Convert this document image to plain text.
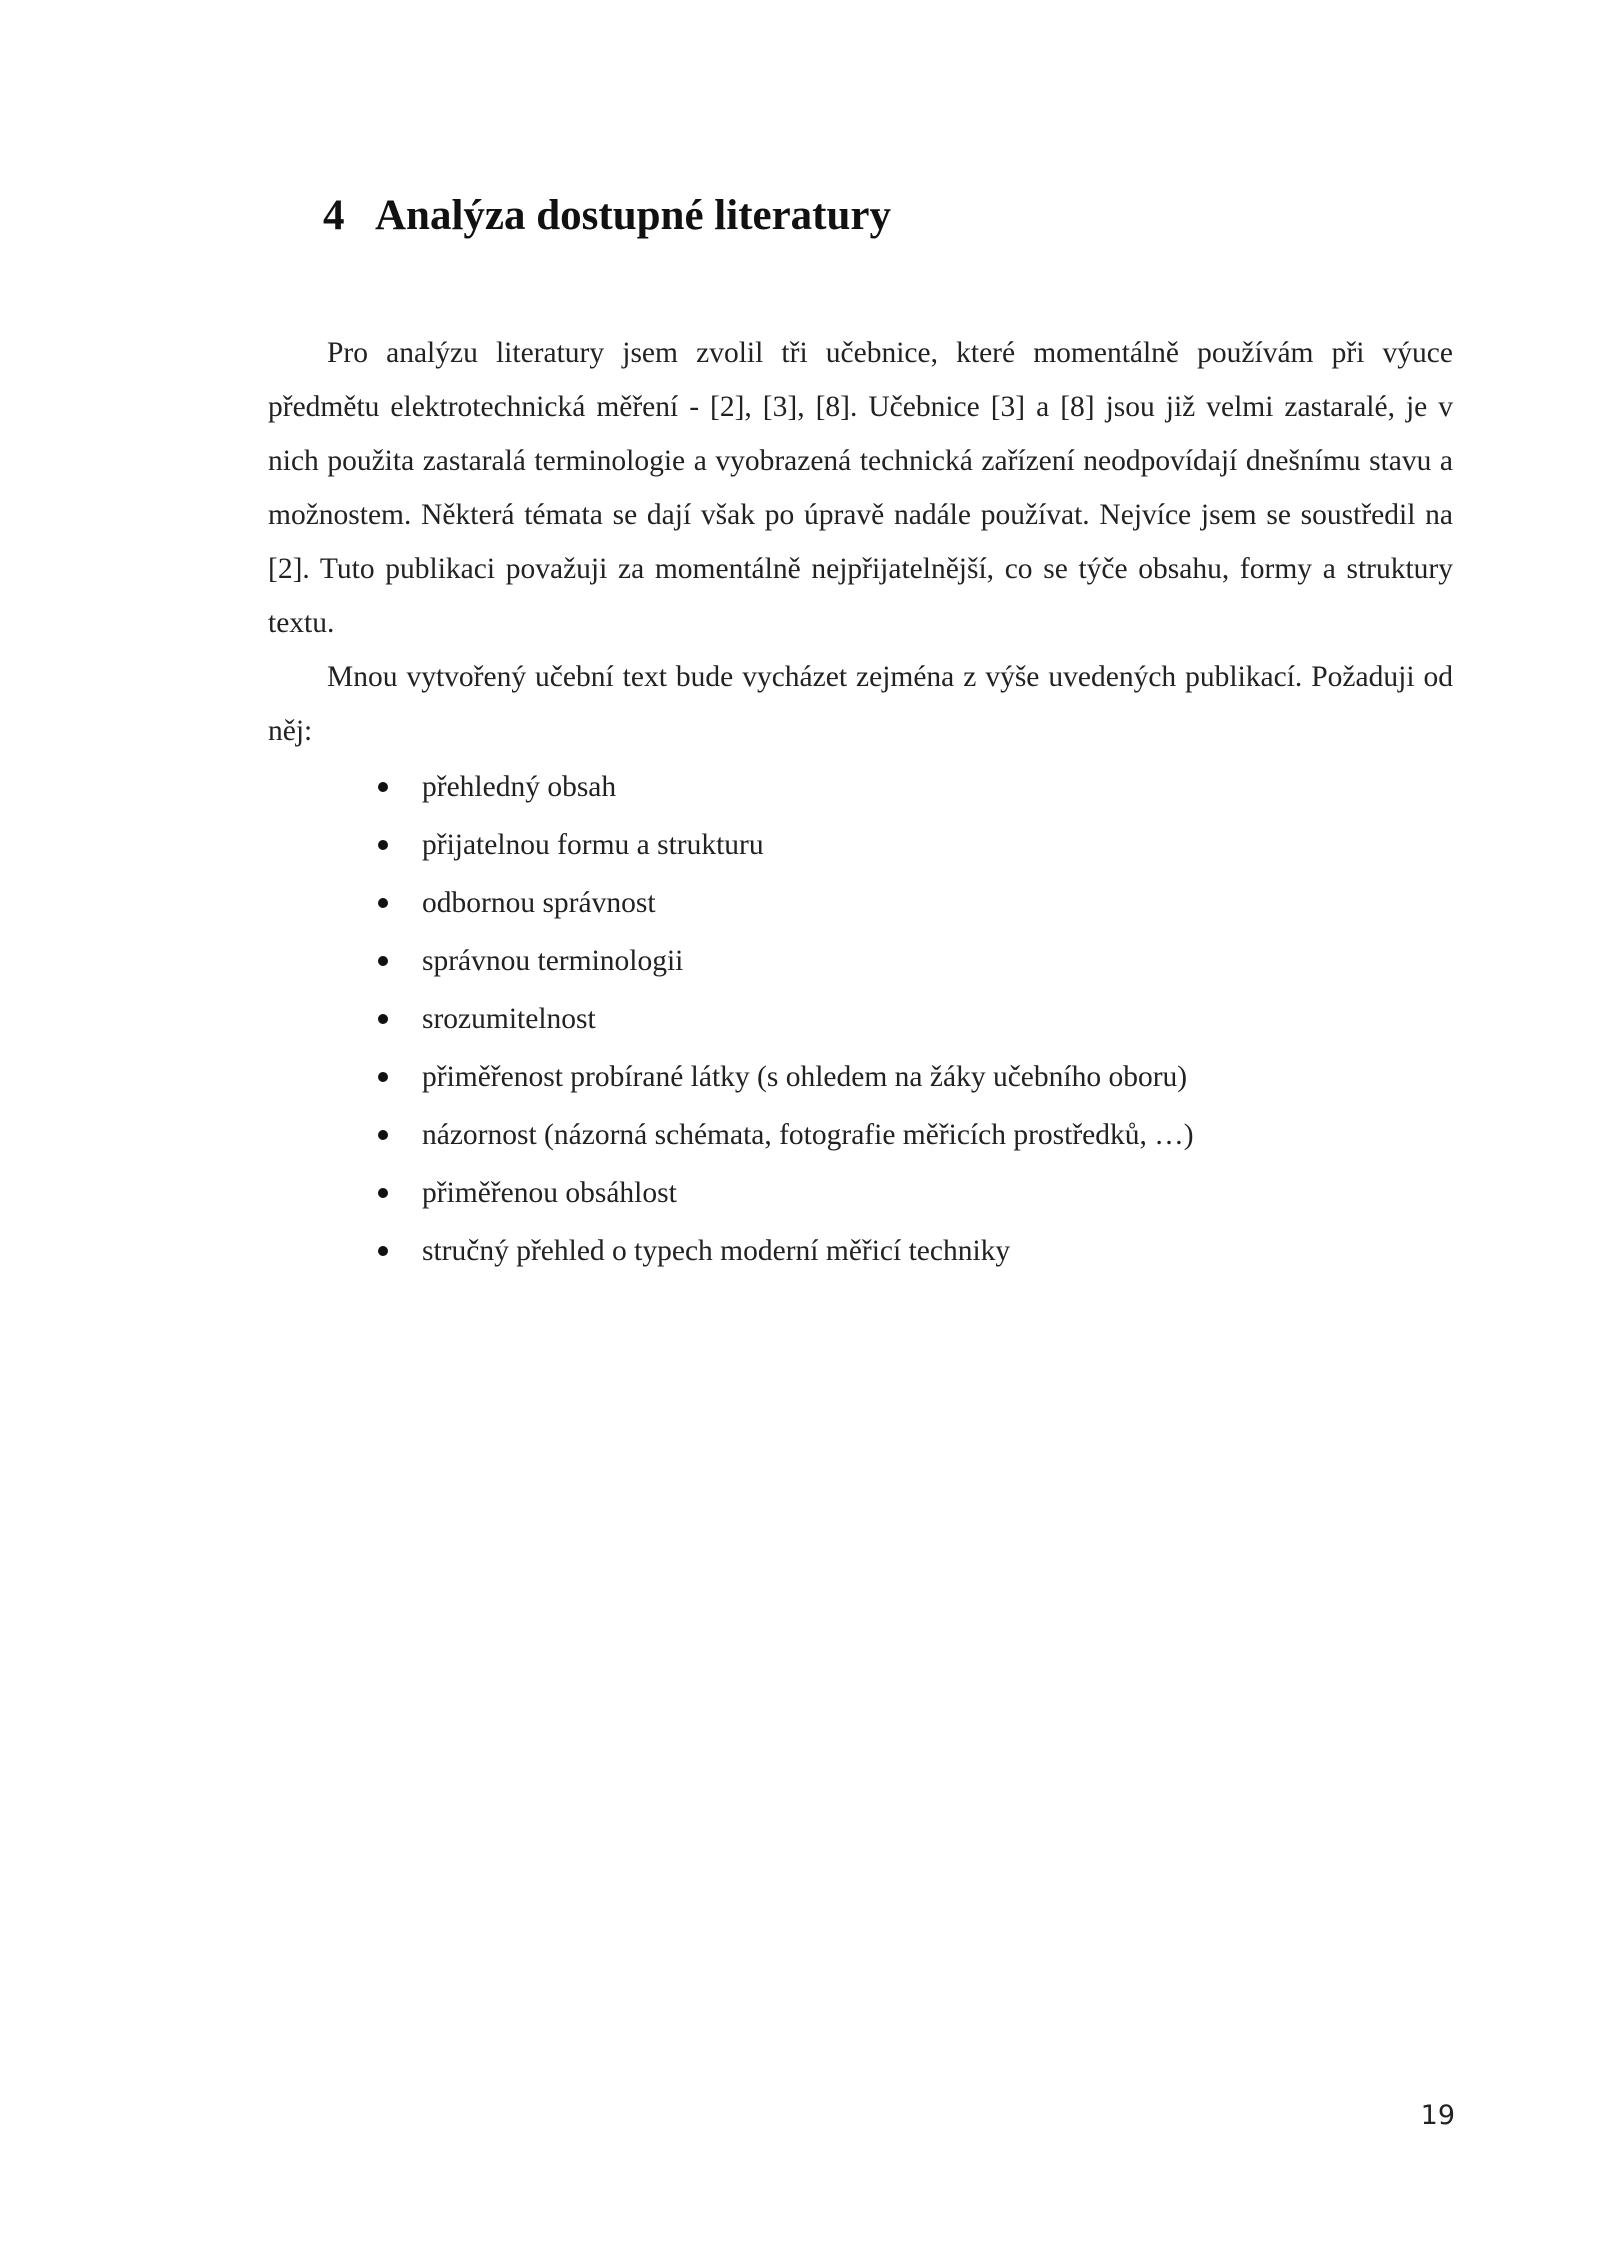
4 Analýza dostupné literatury

Pro analýzu literatury jsem zvolil tři učebnice, které momentálně používám při výuce předmětu elektrotechnická měření - [2], [3], [8]. Učebnice [3] a [8] jsou již velmi zastaralé, je v nich použita zastaralá terminologie a vyobrazená technická zařízení neodpovídají dnešnímu stavu a možnostem. Některá témata se dají však po úpravě nadále používat. Nejvíce jsem se soustředil na [2]. Tuto publikaci považuji za momentálně nejpřijatelnější, co se týče obsahu, formy a struktury textu.

Mnou vytvořený učební text bude vycházet zejména z výše uvedených publikací. Požaduji od něj:

přehledný obsah
přijatelnou formu a strukturu
odbornou správnost
správnou terminologii
srozumitelnost
přiměřenost probírané látky (s ohledem na žáky učebního oboru)
názornost (názorná schémata, fotografie měřicích prostředků, …)
přiměřenou obsáhlost
stručný přehled o typech moderní měřicí techniky
19
